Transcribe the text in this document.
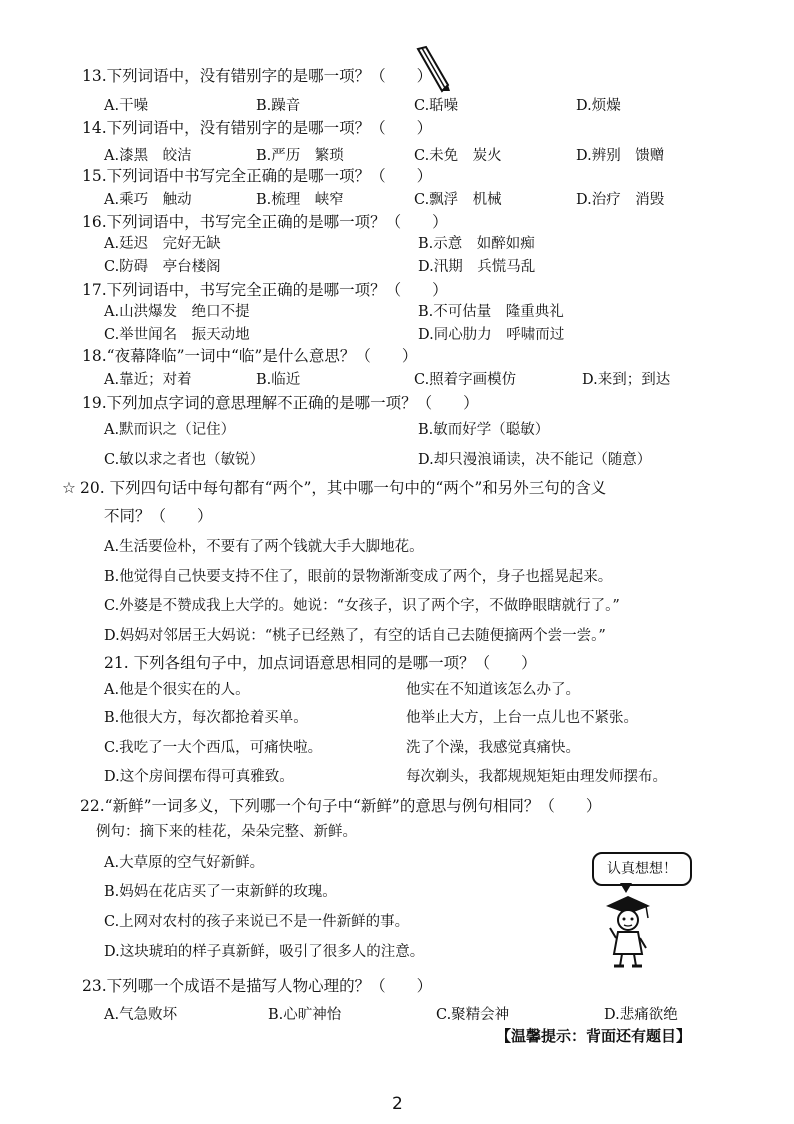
13.下列词语中，没有错别字的是哪一项？（　　）
A.干噪	B.躁音	C.聒噪	D.烦燥
14.下列词语中，没有错别字的是哪一项？（　　）
A.漆黑　皎洁	B.严历　繁琐	C.未免　炭火	D.辨别　馈赠
15.下列词语中书写完全正确的是哪一项？（　　）
A.乘巧　触动	B.梳理　峡窄	C.飘浮　机械	D.治疗　消毁
16.下列词语中，书写完全正确的是哪一项？（　　）
A.廷迟　完好无缺	B.示意　如醉如痴
C.防碍　亭台楼阁	D.汛期　兵慌马乱
17.下列词语中，书写完全正确的是哪一项？（　　）
A.山洪爆发　绝口不提	B.不可估量　隆重典礼
C.举世闻名　振天动地	D.同心肋力　呼啸而过
18.“夜幕降临”一词中“临”是什么意思？（　　）
A.靠近；对着	B.临近	C.照着字画模仿	D.来到；到达
19.下列加点字词的意思理解不正确的是哪一项？（　　）
A.默而识之（记住）	B.敏而好学（聪敏）
C.敏以求之者也（敏锐）	D.却只漫浪诵读，决不能记（随意）
☆ 20. 下列四句话中每句都有“两个”，其中哪一句中的“两个”和另外三句的含义
不同？（　　）
A.生活要俭朴，不要有了两个钱就大手大脚地花。
B.他觉得自己快要支持不住了，眼前的景物渐渐变成了两个，身子也摇晃起来。
C.外婆是不赞成我上大学的。她说：“女孩子，识了两个字，不做睁眼瞎就行了。”
D.妈妈对邻居王大妈说：“桃子已经熟了，有空的话自己去随便摘两个尝一尝。”
21. 下列各组句子中，加点词语意思相同的是哪一项？（　　）
A.他是个很实在的人。	他实在不知道该怎么办了。
B.他很大方，每次都抢着买单。	他举止大方，上台一点儿也不紧张。
C.我吃了一大个西瓜，可痛快啦。	洗了个澡，我感觉真痛快。
D.这个房间摆布得可真雅致。	每次剃头，我都规规矩矩由理发师摆布。
22.“新鲜”一词多义，下列哪一个句子中“新鲜”的意思与例句相同？（　　）
例句：摘下来的桂花，朵朵完整、新鲜。
A.大草原的空气好新鲜。
B.妈妈在花店买了一束新鲜的玫瑰。
C.上网对农村的孩子来说已不是一件新鲜的事。
D.这块琥珀的样子真新鲜，吸引了很多人的注意。
认真想想！
23.下列哪一个成语不是描写人物心理的？（　　）
A.气急败坏	B.心旷神怡	C.聚精会神	D.悲痛欲绝
【温馨提示：背面还有题目】
2
